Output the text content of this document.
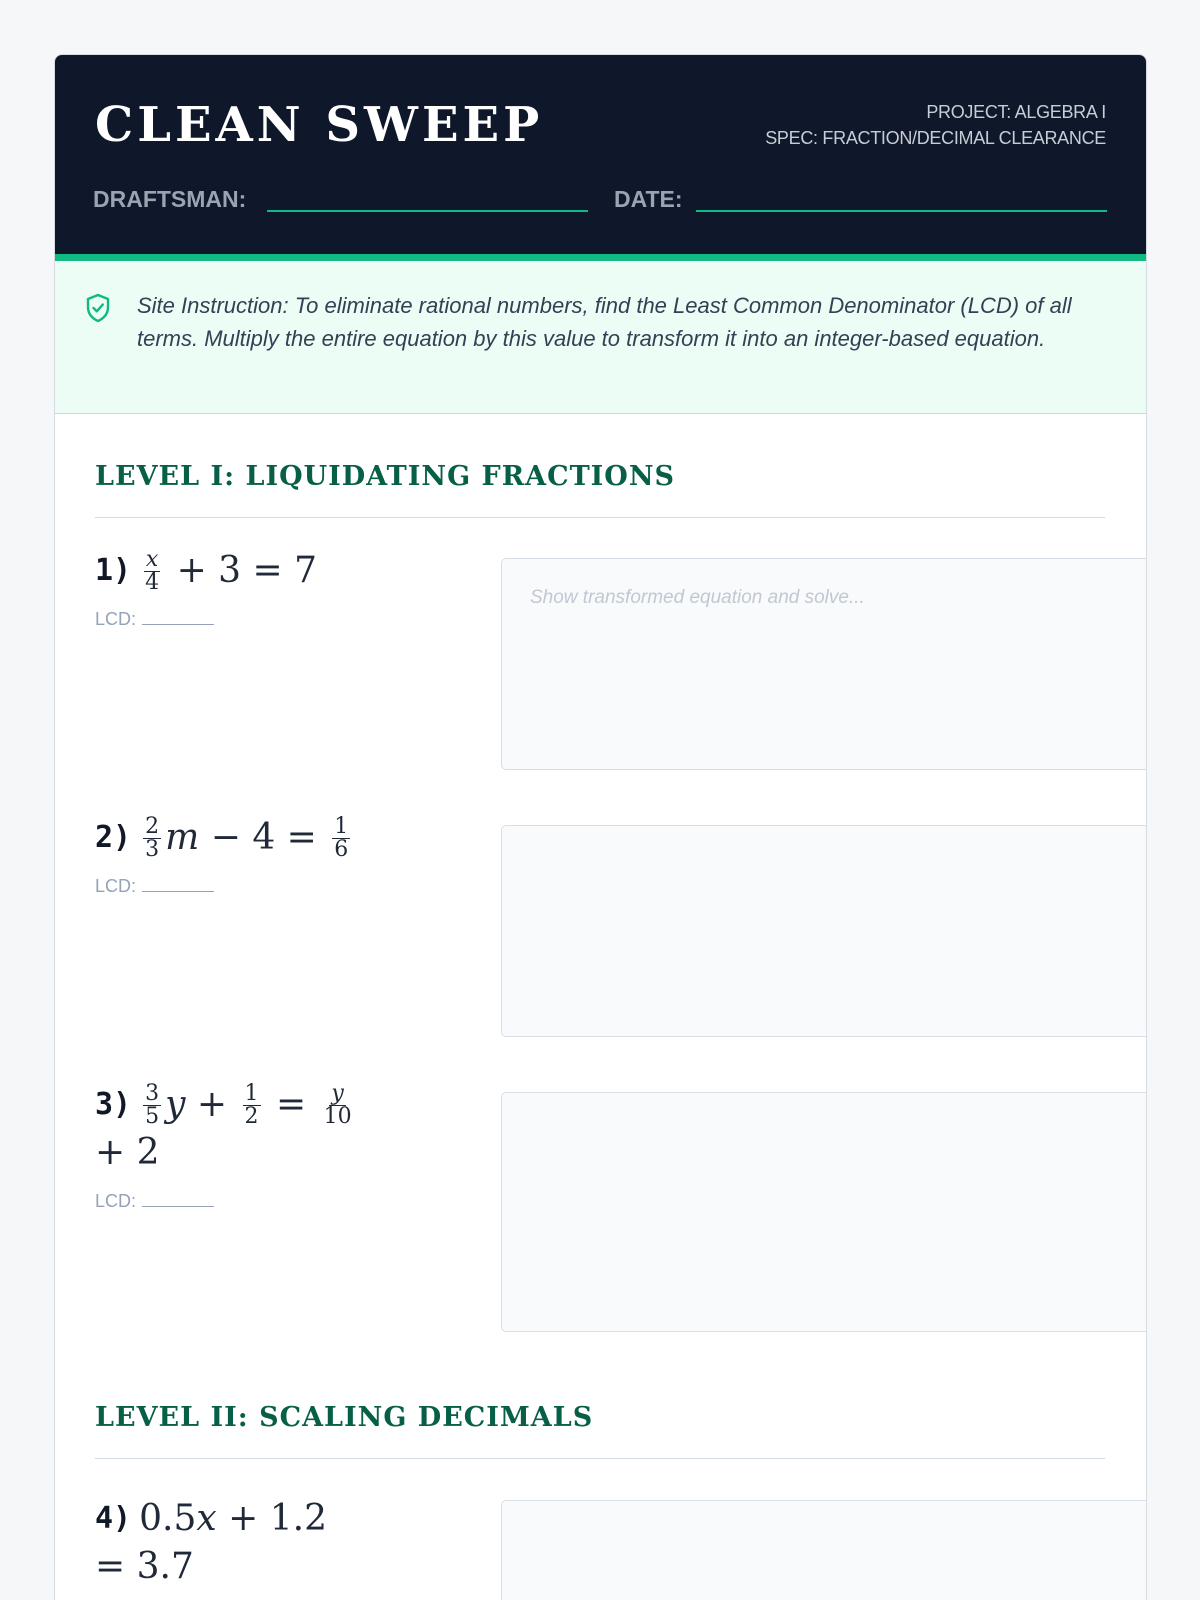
CLEAN SWEEP	PROJECT: ALGEBRA I
SPEC: FRACTION/DECIMAL CLEARANCE
DRAFTSMAN:	DATE:
Site Instruction: To eliminate rational numbers, find the Least Common Denominator (LCD) of all terms. Multiply the entire equation by this value to transform it into an integer-based equation.
LEVEL I: LIQUIDATING FRACTIONS
$1) \frac{x}{4} + 3 = 7$
LCD:
Show transformed equation and solve...
$2) \frac{2}{3}$ $m - 4 = \frac{1}{6}$
LCD:
$3) \frac{3}{5}$ $y + \frac{1}{2} = \frac{y}{10}$
+ 2
LCD:
LEVEL II: SCALING DECIMALS
4) 0.5x + 1.2
= 3.7
